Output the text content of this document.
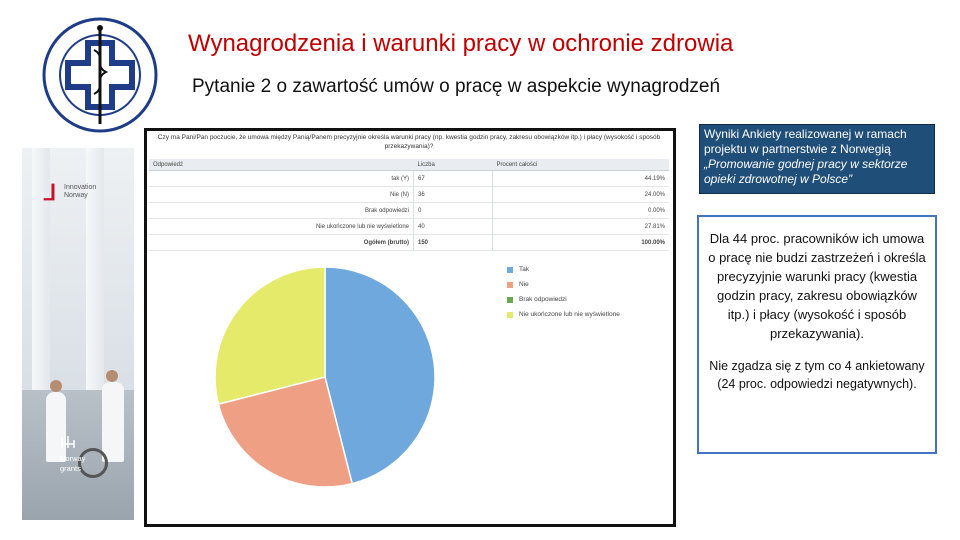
Wynagrodzenia i warunki pracy w ochronie zdrowia
Pytanie 2 o zawartość umów o pracę w aspekcie wynagrodzeń
⅃ Innovation
Norway
Norway
grants
Czy ma Pani/Pan poczucie, że umowa między Panią/Panem precyzyjnie określa warunki pracy (np. kwestia godzin pracy, zakresu obowiązków itp.) i płacy (wysokość i sposób przekazywania)?
Odpowiedź	Liczba	Procent całości
tak (Y)	67	44.19%
Nie (N)	36	24.00%
Brak odpowiedzi	0	0.00%
Nie ukończone lub nie wyświetlone	40	27.81%
Ogółem (brutto)	150	100.00%
Tak
Nie
Brak odpowiedzi
Nie ukończone lub nie wyświetlone
Wyniki Ankiety realizowanej w ramach projektu w partnerstwie z Norwegią „Promowanie godnej pracy w sektorze opieki zdrowotnej w Polsce”

Dla 44 proc. pracowników ich umowa o pracę nie budzi zastrzeżeń i określa precyzyjnie warunki pracy (kwestia godzin pracy, zakresu obowiązków itp.) i płacy (wysokość i sposób przekazywania).

Nie zgadza się z tym co 4 ankietowany (24 proc. odpowiedzi negatywnych).
